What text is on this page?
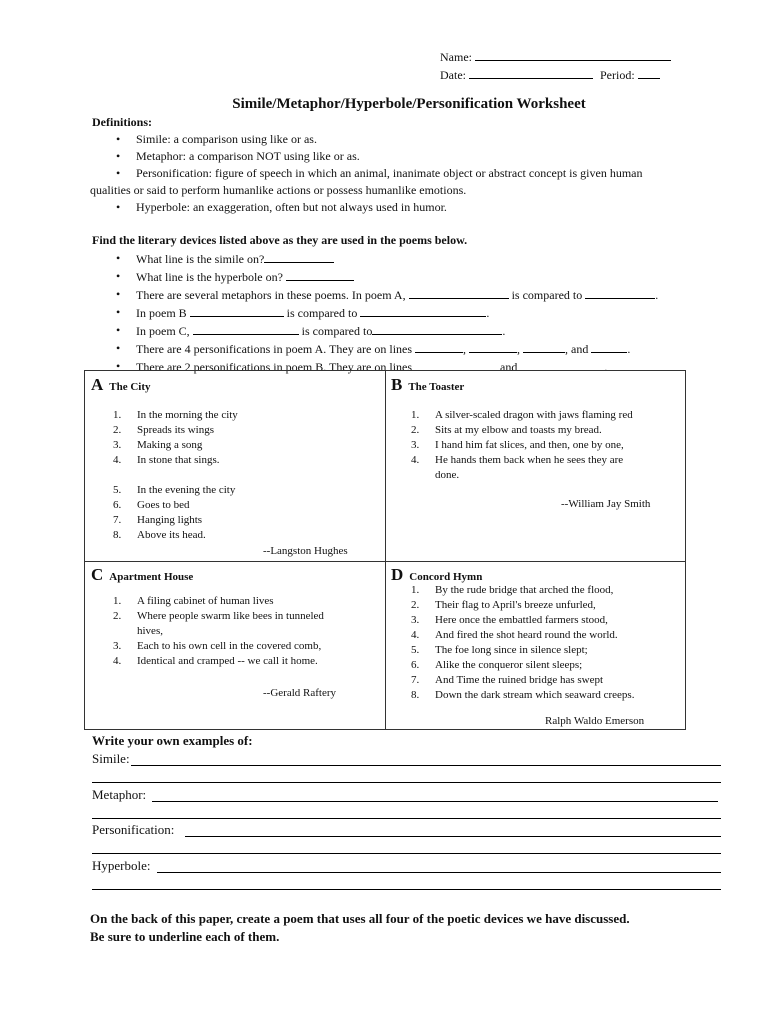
Name:
Date:	Period:
Simile/Metaphor/Hyperbole/Personification Worksheet
Definitions:
• Simile: a comparison using like or as.
• Metaphor: a comparison NOT using like or as.
• Personification: figure of speech in which an animal, inanimate object or abstract concept is given human
qualities or said to perform humanlike actions or possess humanlike emotions.
• Hyperbole: an exaggeration, often but not always used in humor.
Find the literary devices listed above as they are used in the poems below.
• What line is the simile on?
• What line is the hyperbole on?
• There are several metaphors in these poems. In poem A,	is compared to	.
• In poem B	is compared to	.
• In poem C,	is compared to	.
• There are 4 personifications in poem A. They are on lines	,	,	, and	.
• There are 2 personifications in poem B. They are on lines	and	.
A The City
1. In the morning the city
2. Spreads its wings
3. Making a song
4. In stone that sings.
5. In the evening the city
6. Goes to bed
7. Hanging lights
8. Above its head.
--Langston Hughes
B The Toaster
1. A silver-scaled dragon with jaws flaming red
2. Sits at my elbow and toasts my bread.
3. I hand him fat slices, and then, one by one,
4. He hands them back when he sees they are
done.
--William Jay Smith
C Apartment House
1. A filing cabinet of human lives
2. Where people swarm like bees in tunneled
hives,
3. Each to his own cell in the covered comb,
4. Identical and cramped -- we call it home.
--Gerald Raftery
D Concord Hymn
1. By the rude bridge that arched the flood,
2. Their flag to April's breeze unfurled,
3. Here once the embattled farmers stood,
4. And fired the shot heard round the world.
5. The foe long since in silence slept;
6. Alike the conqueror silent sleeps;
7. And Time the ruined bridge has swept
8. Down the dark stream which seaward creeps.
Ralph Waldo Emerson
Write your own examples of:
Simile:
Metaphor:
Personification:
Hyperbole:
On the back of this paper, create a poem that uses all four of the poetic devices we have discussed.
Be sure to underline each of them.
